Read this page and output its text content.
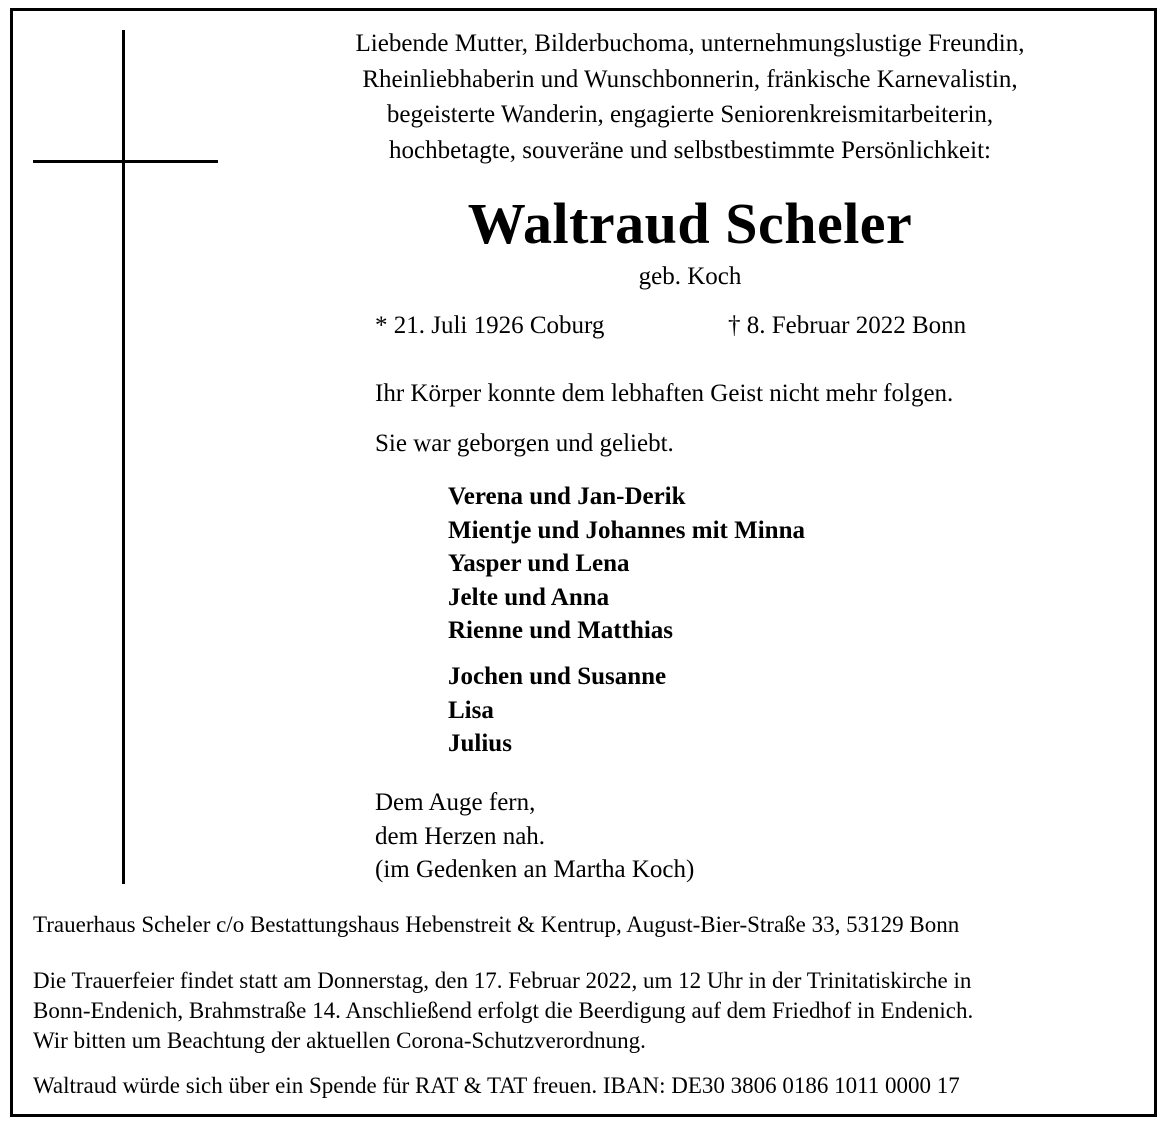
Liebende Mutter, Bilderbuchoma, unternehmungslustige Freundin,
Rheinliebhaberin und Wunschbonnerin, fränkische Karnevalistin,
begeisterte Wanderin, engagierte Seniorenkreismitarbeiterin,
hochbetagte, souveräne und selbstbestimmte Persönlichkeit:
Waltraud Scheler
geb. Koch
* 21. Juli 1926 Coburg	† 8. Februar 2022 Bonn
Ihr Körper konnte dem lebhaften Geist nicht mehr folgen.
Sie war geborgen und geliebt.
Verena und Jan-Derik
Mientje und Johannes mit Minna
Yasper und Lena
Jelte und Anna
Rienne und Matthias
Jochen und Susanne
Lisa
Julius
Dem Auge fern,
dem Herzen nah.
(im Gedenken an Martha Koch)
Trauerhaus Scheler c/o Bestattungshaus Hebenstreit & Kentrup, August-Bier-Straße 33, 53129 Bonn
Die Trauerfeier findet statt am Donnerstag, den 17. Februar 2022, um 12 Uhr in der Trinitatiskirche in
Bonn-Endenich, Brahmstraße 14. Anschließend erfolgt die Beerdigung auf dem Friedhof in Endenich.
Wir bitten um Beachtung der aktuellen Corona-Schutzverordnung.
Waltraud würde sich über ein Spende für RAT & TAT freuen. IBAN: DE30 3806 0186 1011 0000 17
